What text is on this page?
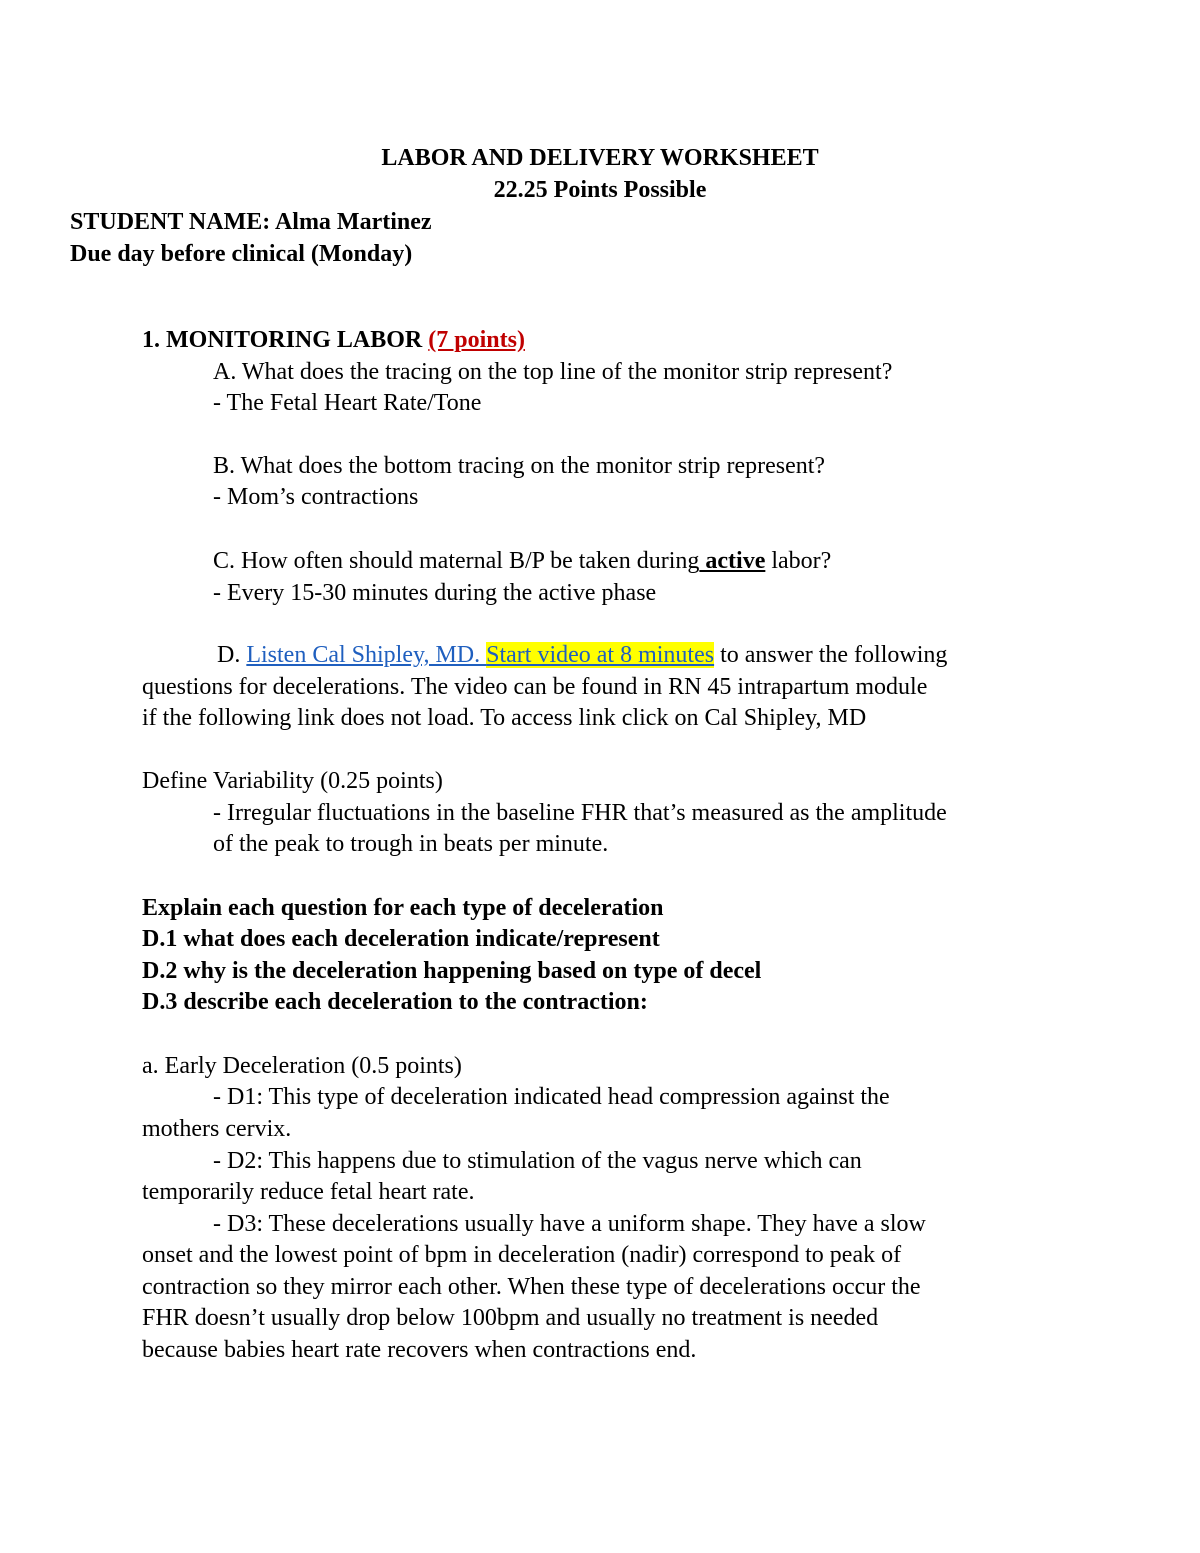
LABOR AND DELIVERY WORKSHEET
22.25 Points Possible
STUDENT NAME: Alma Martinez
Due day before clinical (Monday)
1. MONITORING LABOR (7 points)
A. What does the tracing on the top line of the monitor strip represent?
- The Fetal Heart Rate/Tone
B. What does the bottom tracing on the monitor strip represent?
- Mom’s contractions
C. How often should maternal B/P be taken during active labor?
- Every 15-30 minutes during the active phase
D. Listen Cal Shipley, MD. Start video at 8 minutes to answer the following
questions for decelerations. The video can be found in RN 45 intrapartum module
if the following link does not load. To access link click on Cal Shipley, MD
Define Variability (0.25 points)
- Irregular fluctuations in the baseline FHR that’s measured as the amplitude
of the peak to trough in beats per minute.
Explain each question for each type of deceleration
D.1 what does each deceleration indicate/represent
D.2 why is the deceleration happening based on type of decel
D.3 describe each deceleration to the contraction:
a. Early Deceleration (0.5 points)
- D1: This type of deceleration indicated head compression against the
mothers cervix.
- D2: This happens due to stimulation of the vagus nerve which can
temporarily reduce fetal heart rate.
- D3: These decelerations usually have a uniform shape. They have a slow
onset and the lowest point of bpm in deceleration (nadir) correspond to peak of
contraction so they mirror each other. When these type of decelerations occur the
FHR doesn’t usually drop below 100bpm and usually no treatment is needed
because babies heart rate recovers when contractions end.
